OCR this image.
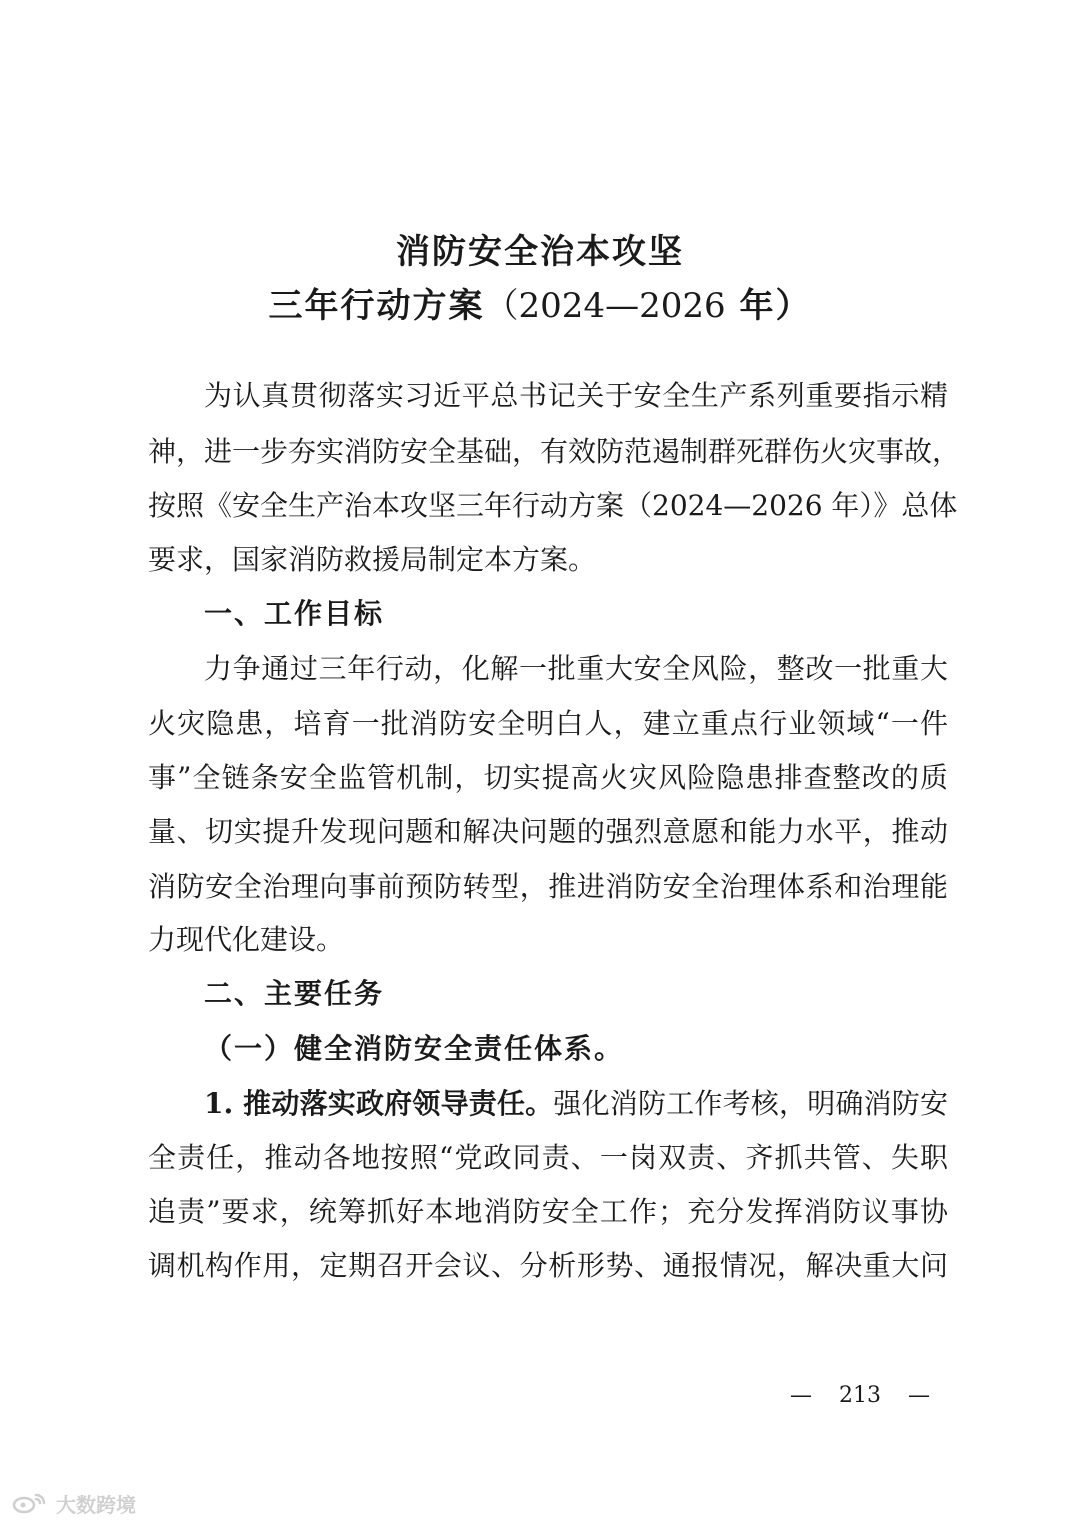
消防安全治本攻坚
三年行动方案（2024—2026 年）
为认真贯彻落实习近平总书记关于安全生产系列重要指示精
神，进一步夯实消防安全基础，有效防范遏制群死群伤火灾事故，
按照《安全生产治本攻坚三年行动方案（2024—2026 年）》总体
要求，国家消防救援局制定本方案。
一、工作目标
力争通过三年行动，化解一批重大安全风险，整改一批重大
火灾隐患，培育一批消防安全明白人，建立重点行业领域“一件
事”全链条安全监管机制，切实提高火灾风险隐患排查整改的质
量、切实提升发现问题和解决问题的强烈意愿和能力水平，推动
消防安全治理向事前预防转型，推进消防安全治理体系和治理能
力现代化建设。
二、主要任务
（一）健全消防安全责任体系。
1. 推动落实政府领导责任。强化消防工作考核，明确消防安
全责任，推动各地按照“党政同责、一岗双责、齐抓共管、失职
追责”要求，统筹抓好本地消防安全工作；充分发挥消防议事协
调机构作用，定期召开会议、分析形势、通报情况，解决重大问
— 213 —
大数跨境
